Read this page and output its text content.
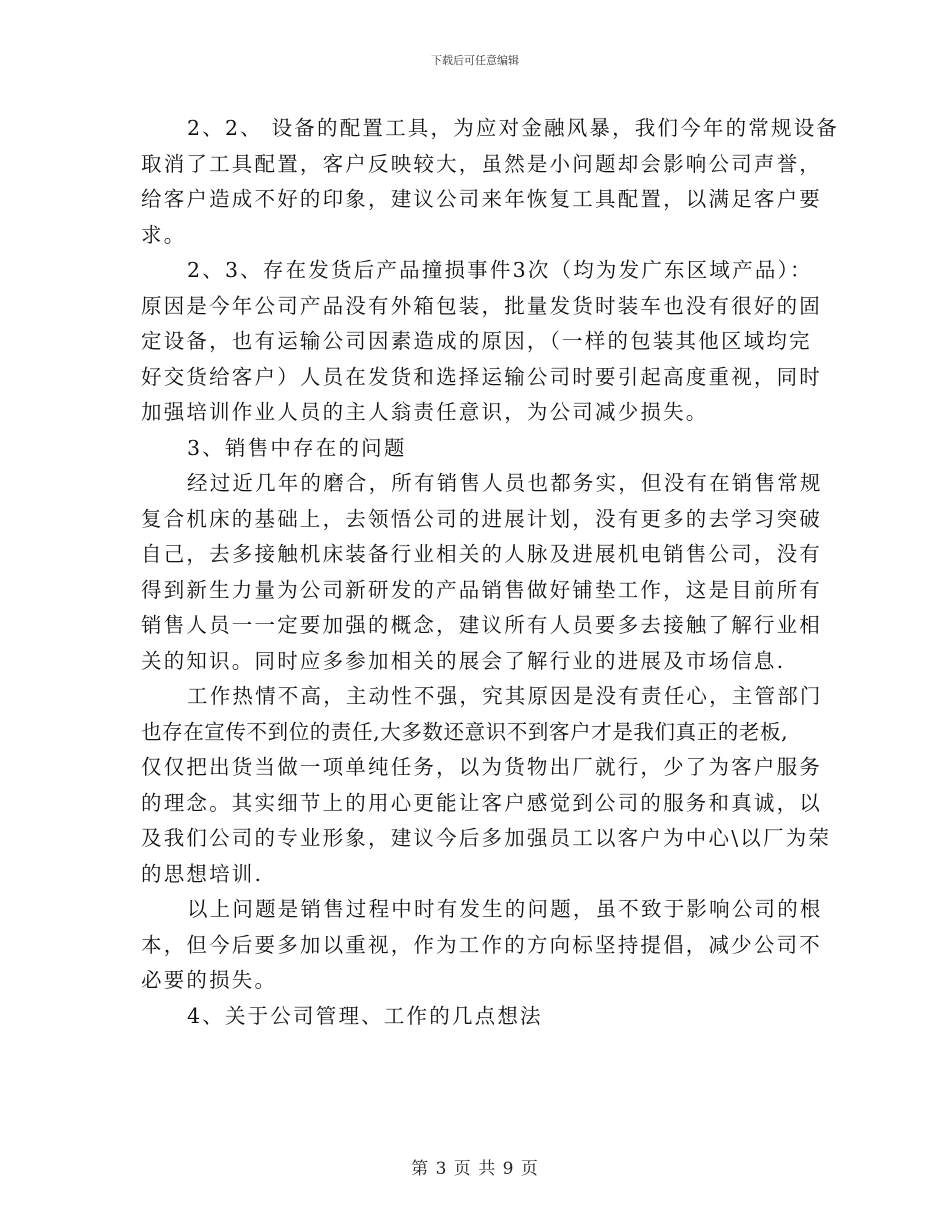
下载后可任意编辑
2、2、 设备的配置工具，为应对金融风暴，我们今年的常规设备
取消了工具配置，客户反映较大，虽然是小问题却会影响公司声誉，
给客户造成不好的印象，建议公司来年恢复工具配置，以满足客户要
求。
2、3、存在发货后产品撞损事件3次（均为发广东区域产品）：
原因是今年公司产品没有外箱包装，批量发货时装车也没有很好的固
定设备，也有运输公司因素造成的原因，（一样的包装其他区域均完
好交货给客户）人员在发货和选择运输公司时要引起高度重视，同时
加强培训作业人员的主人翁责任意识，为公司减少损失。
3、销售中存在的问题
经过近几年的磨合，所有销售人员也都务实，但没有在销售常规
复合机床的基础上，去领悟公司的进展计划，没有更多的去学习突破
自己，去多接触机床装备行业相关的人脉及进展机电销售公司，没有
得到新生力量为公司新研发的产品销售做好铺垫工作，这是目前所有
销售人员一一定要加强的概念，建议所有人员要多去接触了解行业相
关的知识。同时应多参加相关的展会了解行业的进展及市场信息.
工作热情不高，主动性不强，究其原因是没有责任心，主管部门
也存在宣传不到位的责任,大多数还意识不到客户才是我们真正的老板,
仅仅把出货当做一项单纯任务，以为货物出厂就行，少了为客户服务
的理念。其实细节上的用心更能让客户感觉到公司的服务和真诚，以
及我们公司的专业形象，建议今后多加强员工以客户为中心\以厂为荣
的思想培训.
以上问题是销售过程中时有发生的问题，虽不致于影响公司的根
本，但今后要多加以重视，作为工作的方向标坚持提倡，减少公司不
必要的损失。
4、关于公司管理、工作的几点想法
第 3 页 共 9 页
